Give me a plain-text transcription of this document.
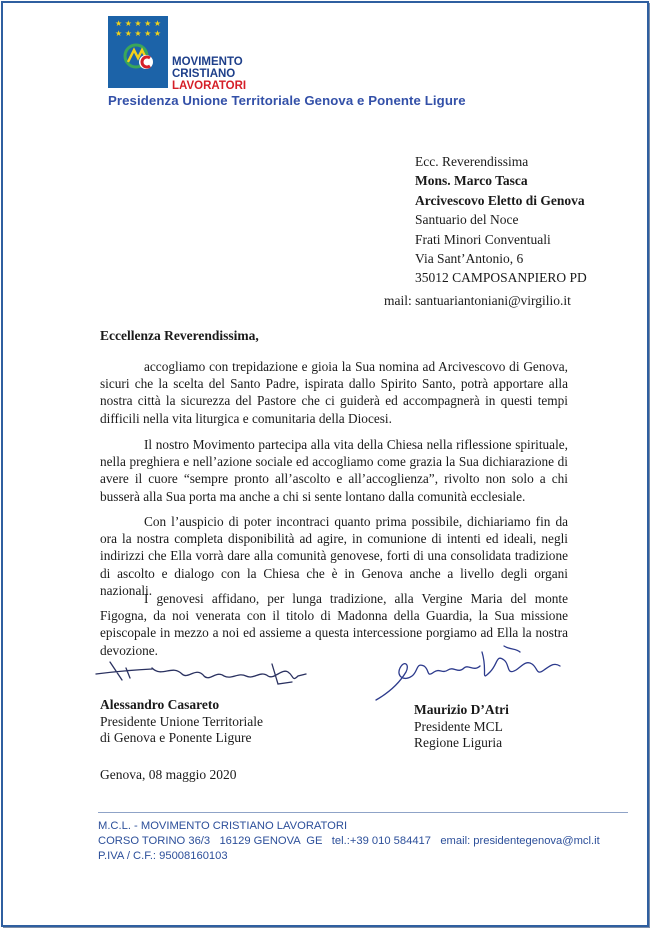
★ ★ ★ ★ ★
★ ★ ★ ★ ★
MOVIMENTO
CRISTIANO
LAVORATORI
Presidenza Unione Territoriale Genova e Ponente Ligure
Ecc. Reverendissima
Mons. Marco Tasca
Arcivescovo Eletto di Genova
Santuario del Noce
Frati Minori Conventuali
Via Sant’Antonio, 6
35012 CAMPOSANPIERO PD
mail: santuariantoniani@virgilio.it
Eccellenza Reverendissima,
accogliamo con trepidazione e gioia la Sua nomina ad Arcivescovo di Genova, sicuri che la scelta del Santo Padre, ispirata dallo Spirito Santo, potrà apportare alla nostra città la sicurezza del Pastore che ci guiderà ed accompagnerà in questi tempi difficili nella vita liturgica e comunitaria della Diocesi.
Il nostro Movimento partecipa alla vita della Chiesa nella riflessione spirituale, nella preghiera e nell’azione sociale ed accogliamo come grazia la Sua dichiarazione di avere il cuore “sempre pronto all’ascolto e all’accoglienza”, rivolto non solo a chi busserà alla Sua porta ma anche a chi si sente lontano dalla comunità ecclesiale.
Con l’auspicio di poter incontraci quanto prima possibile, dichiariamo fin da ora la nostra completa disponibilità ad agire, in comunione di intenti ed ideali, negli indirizzi che Ella vorrà dare alla comunità genovese, forti di una consolidata tradizione di ascolto e dialogo con la Chiesa che è in Genova anche a livello degli organi nazionali.
I genovesi affidano, per lunga tradizione, alla Vergine Maria del monte Figogna, da noi venerata con il titolo di Madonna della Guardia, la Sua missione episcopale in mezzo a noi ed assieme a questa intercessione porgiamo ad Ella la nostra devozione.
Alessandro Casareto
Presidente Unione Territoriale
di Genova e Ponente Ligure
Maurizio D’Atri
Presidente MCL
Regione Liguria
Genova, 08 maggio 2020
M.C.L. - MOVIMENTO CRISTIANO LAVORATORI
CORSO TORINO 36/3   16129 GENOVA  GE   tel.:+39 010 584417   email: presidentegenova@mcl.it
P.IVA / C.F.: 95008160103
